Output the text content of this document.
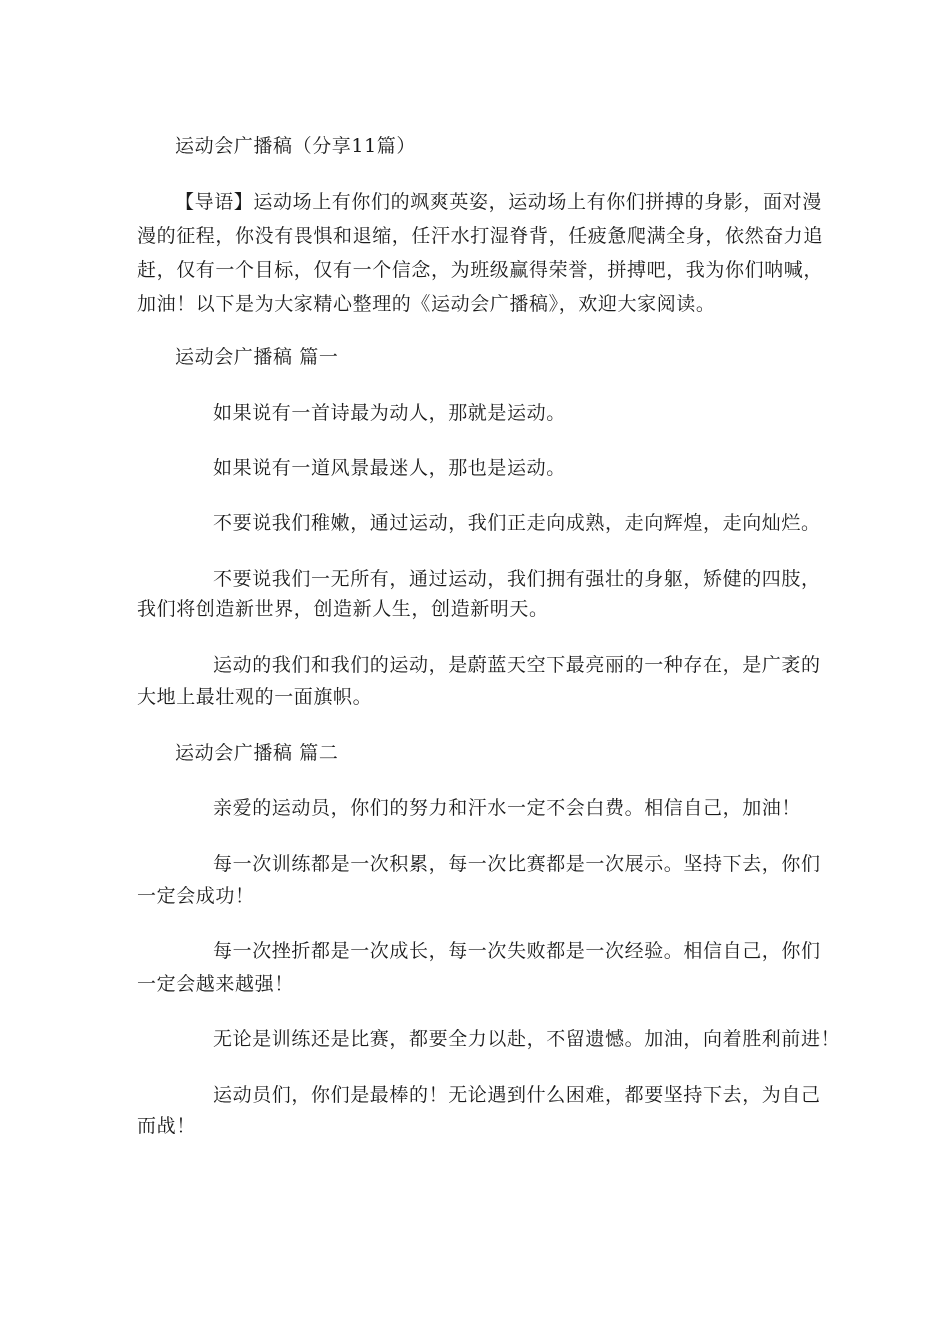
运动会广播稿（分享11篇）
【导语】运动场上有你们的飒爽英姿，运动场上有你们拼搏的身影，面对漫
漫的征程，你没有畏惧和退缩，任汗水打湿脊背，任疲惫爬满全身，依然奋力追
赶，仅有一个目标，仅有一个信念，为班级赢得荣誉，拼搏吧，我为你们呐喊，
加油！以下是为大家精心整理的《运动会广播稿》，欢迎大家阅读。
运动会广播稿 篇一
如果说有一首诗最为动人，那就是运动。
如果说有一道风景最迷人，那也是运动。
不要说我们稚嫩，通过运动，我们正走向成熟，走向辉煌，走向灿烂。
不要说我们一无所有，通过运动，我们拥有强壮的身躯，矫健的四肢，
我们将创造新世界，创造新人生，创造新明天。
运动的我们和我们的运动，是蔚蓝天空下最亮丽的一种存在，是广袤的
大地上最壮观的一面旗帜。
运动会广播稿 篇二
亲爱的运动员，你们的努力和汗水一定不会白费。相信自己，加油！
每一次训练都是一次积累，每一次比赛都是一次展示。坚持下去，你们
一定会成功！
每一次挫折都是一次成长，每一次失败都是一次经验。相信自己，你们
一定会越来越强！
无论是训练还是比赛，都要全力以赴，不留遗憾。加油，向着胜利前进！
运动员们，你们是最棒的！无论遇到什么困难，都要坚持下去，为自己
而战！
